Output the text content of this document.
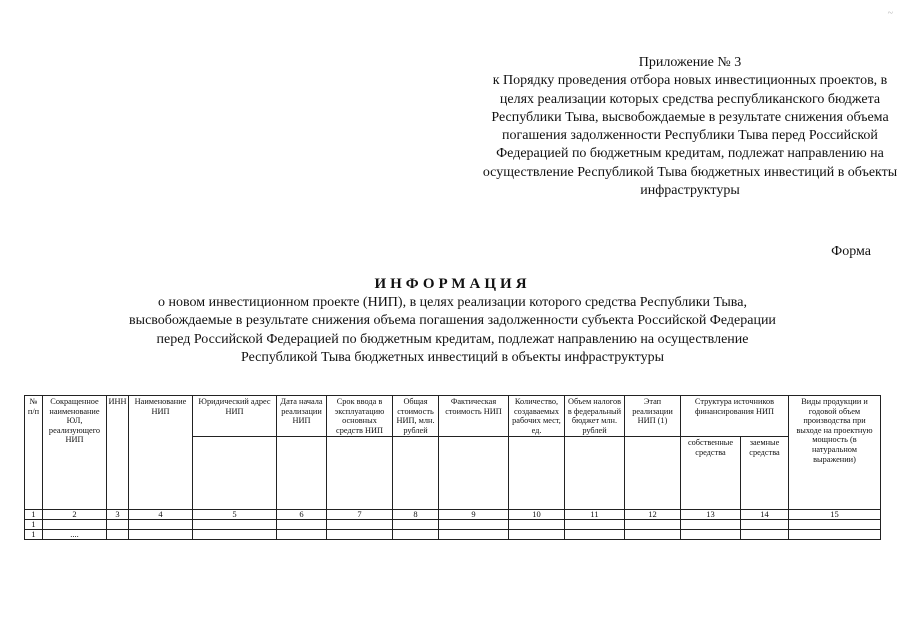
~
Приложение № 3
к Порядку проведения отбора новых инвестиционных проектов, в целях реализации которых средства республиканского бюджета Республики Тыва, высвобождаемые в результате снижения объема погашения задолженности Республики Тыва перед Российской Федерацией по бюджетным кредитам, подлежат направлению на осуществление Республикой Тыва бюджетных инвестиций в объекты инфраструктуры
Форма
ИНФОРМАЦИЯ
о новом инвестиционном проекте (НИП), в целях реализации которого средства Республики Тыва, высвобождаемые в результате снижения объема погашения задолженности субъекта Российской Федерации перед Российской Федерацией по бюджетным кредитам, подлежат направлению на осуществление Республикой Тыва бюджетных инвестиций в объекты инфраструктуры
№ п/п	Сокращенное наименование ЮЛ, реализующего НИП	ИНН	Наименование НИП	Юридический адрес НИП	Дата начала реализации НИП	Срок ввода в эксплуатацию основных средств НИП	Общая стоимость НИП, млн. рублей	Фактическая стоимость НИП	Количество, создаваемых рабочих мест, ед.	Объем налогов в федеральный бюджет млн. рублей	Этап реализации НИП (1)	Структура источников финансирования НИП		Виды продукции и годовой объем производства при выходе на проектную мощность (в натуральном выражении)
												собственные средства	заемные средства	
1	2	3	4	5	6	7	8	9	10	11	12	13	14	15
1														
1	....													
